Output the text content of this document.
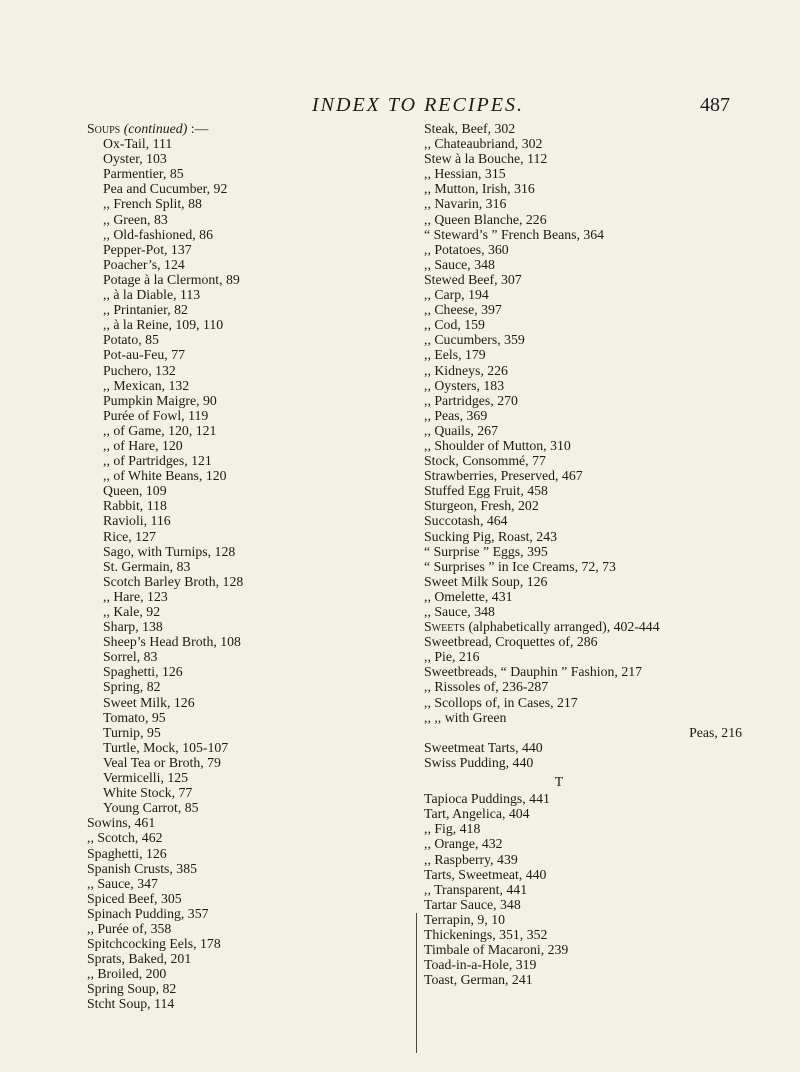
INDEX TO RECIPES.	487
Soups (continued) :—
Ox-Tail, 111
Oyster, 103
Parmentier, 85
Pea and Cucumber, 92
,, French Split, 88
,, Green, 83
,, Old-fashioned, 86
Pepper-Pot, 137
Poacher’s, 124
Potage à la Clermont, 89
,, à la Diable, 113
,, Printanier, 82
,, à la Reine, 109, 110
Potato, 85
Pot-au-Feu, 77
Puchero, 132
,, Mexican, 132
Pumpkin Maigre, 90
Purée of Fowl, 119
,, of Game, 120, 121
,, of Hare, 120
,, of Partridges, 121
,, of White Beans, 120
Queen, 109
Rabbit, 118
Ravioli, 116
Rice, 127
Sago, with Turnips, 128
St. Germain, 83
Scotch Barley Broth, 128
,, Hare, 123
,, Kale, 92
Sharp, 138
Sheep’s Head Broth, 108
Sorrel, 83
Spaghetti, 126
Spring, 82
Sweet Milk, 126
Tomato, 95
Turnip, 95
Turtle, Mock, 105-107
Veal Tea or Broth, 79
Vermicelli, 125
White Stock, 77
Young Carrot, 85
Sowins, 461
,, Scotch, 462
Spaghetti, 126
Spanish Crusts, 385
,, Sauce, 347
Spiced Beef, 305
Spinach Pudding, 357
,, Purée of, 358
Spitchcocking Eels, 178
Sprats, Baked, 201
,, Broiled, 200
Spring Soup, 82
Stcht Soup, 114
Steak, Beef, 302
,, Chateaubriand, 302
Stew à la Bouche, 112
,, Hessian, 315
,, Mutton, Irish, 316
,, Navarin, 316
,, Queen Blanche, 226
“ Steward’s ” French Beans, 364
,, Potatoes, 360
,, Sauce, 348
Stewed Beef, 307
,, Carp, 194
,, Cheese, 397
,, Cod, 159
,, Cucumbers, 359
,, Eels, 179
,, Kidneys, 226
,, Oysters, 183
,, Partridges, 270
,, Peas, 369
,, Quails, 267
,, Shoulder of Mutton, 310
Stock, Consommé, 77
Strawberries, Preserved, 467
Stuffed Egg Fruit, 458
Sturgeon, Fresh, 202
Succotash, 464
Sucking Pig, Roast, 243
“ Surprise ” Eggs, 395
“ Surprises ” in Ice Creams, 72, 73
Sweet Milk Soup, 126
,, Omelette, 431
,, Sauce, 348
Sweets (alphabetically arranged), 402-444
Sweetbread, Croquettes of, 286
,, Pie, 216
Sweetbreads, “ Dauphin ” Fashion, 217
,, Rissoles of, 236-287
,, Scollops of, in Cases, 217
,, ,, with Green
Peas, 216
Sweetmeat Tarts, 440
Swiss Pudding, 440
T
Tapioca Puddings, 441
Tart, Angelica, 404
,, Fig, 418
,, Orange, 432
,, Raspberry, 439
Tarts, Sweetmeat, 440
,, Transparent, 441
Tartar Sauce, 348
Terrapin, 9, 10
Thickenings, 351, 352
Timbale of Macaroni, 239
Toad-in-a-Hole, 319
Toast, German, 241
